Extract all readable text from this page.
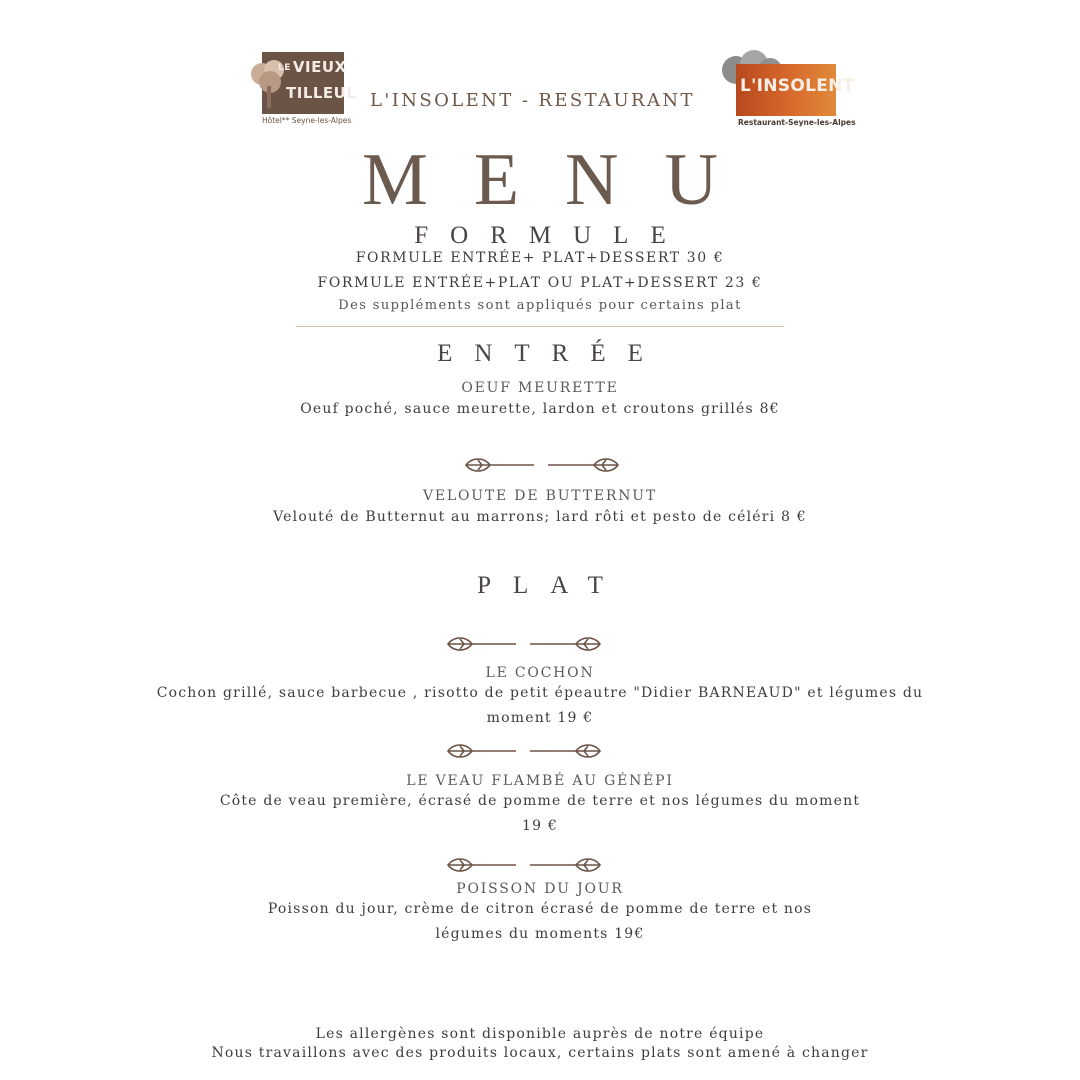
LE VIEUX
TILLEUL
Hôtel** Seyne-les-Alpes
L'INSOLENT - RESTAURANT
L'INSOLENT
Restaurant-Seyne-les-Alpes
MENU
FORMULE
FORMULE ENTRÉE+ PLAT+DESSERT 30 €
FORMULE ENTRÉE+PLAT OU PLAT+DESSERT 23 €
Des suppléments sont appliqués pour certains plat
ENTRÉE
OEUF MEURETTE
Oeuf poché, sauce meurette, lardon et croutons grillés 8€
VELOUTE DE BUTTERNUT
Velouté de Butternut au marrons; lard rôti et pesto de céléri 8 €
PLAT
LE COCHON
Cochon grillé, sauce barbecue , risotto de petit épeautre "Didier BARNEAUD" et légumes du
moment 19 €
LE VEAU FLAMBÉ AU GÉNÉPI
Côte de veau première, écrasé de pomme de terre et nos légumes du moment
19 €
POISSON DU JOUR
Poisson du jour, crème de citron écrasé de pomme de terre et nos
légumes du moments 19€
Les allergènes sont disponible auprès de notre équipe
Nous travaillons avec des produits locaux, certains plats sont amené à changer
